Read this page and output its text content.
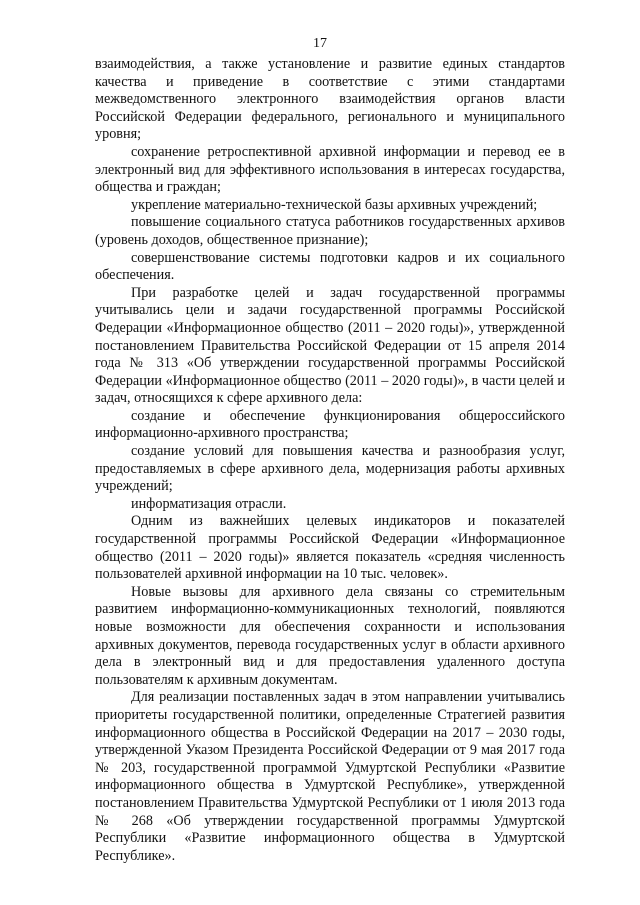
17

взаимодействия, а также установление и развитие единых стандартов качества и приведение в соответствие с этими стандартами межведомственного электронного взаимодействия органов власти Российской Федерации федерального, регионального и муниципального уровня;

сохранение ретроспективной архивной информации и перевод ее в электронный вид для эффективного использования в интересах государства, общества и граждан;

укрепление материально-технической базы архивных учреждений;

повышение социального статуса работников государственных архивов (уровень доходов, общественное признание);

совершенствование системы подготовки кадров и их социального обеспечения.

При разработке целей и задач государственной программы учитывались цели и задачи государственной программы Российской Федерации «Информационное общество (2011 – 2020 годы)», утвержденной постановлением Правительства Российской Федерации от 15 апреля 2014 года № 313 «Об утверждении государственной программы Российской Федерации «Информационное общество (2011 – 2020 годы)», в части целей и задач, относящихся к сфере архивного дела:

создание и обеспечение функционирования общероссийского информационно-архивного пространства;

создание условий для повышения качества и разнообразия услуг, предоставляемых в сфере архивного дела, модернизация работы архивных учреждений;

информатизация отрасли.

Одним из важнейших целевых индикаторов и показателей государственной программы Российской Федерации «Информационное общество (2011 – 2020 годы)» является показатель «средняя численность пользователей архивной информации на 10 тыс. человек».

Новые вызовы для архивного дела связаны со стремительным развитием информационно-коммуникационных технологий, появляются новые возможности для обеспечения сохранности и использования архивных документов, перевода государственных услуг в области архивного дела в электронный вид и для предоставления удаленного доступа пользователям к архивным документам.

Для реализации поставленных задач в этом направлении учитывались приоритеты государственной политики, определенные Стратегией развития информационного общества в Российской Федерации на 2017 – 2030 годы, утвержденной Указом Президента Российской Федерации от 9 мая 2017 года № 203, государственной программой Удмуртской Республики «Развитие информационного общества в Удмуртской Республике», утвержденной постановлением Правительства Удмуртской Республики от 1 июля 2013 года № 268 «Об утверждении государственной программы Удмуртской Республики «Развитие информационного общества в Удмуртской Республике».
